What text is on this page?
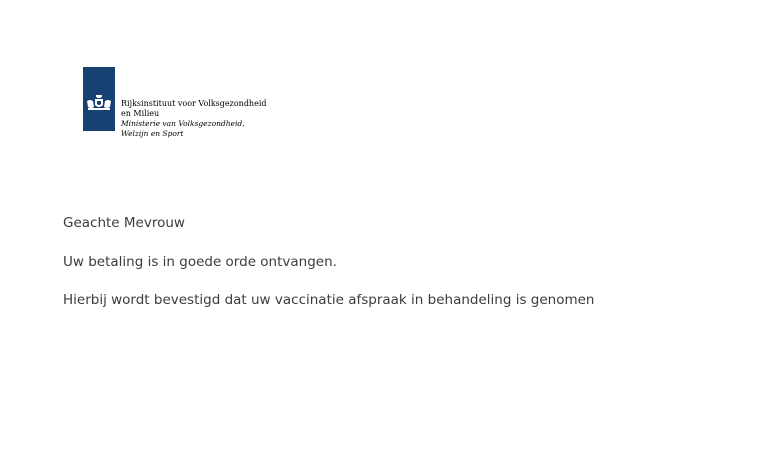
Rijksinstituut voor Volksgezondheid
en Milieu
Ministerie van Volksgezondheid,
Welzijn en Sport

Geachte Mevrouw

Uw betaling is in goede orde ontvangen.

Hierbij wordt bevestigd dat uw vaccinatie afspraak in behandeling is genomen
